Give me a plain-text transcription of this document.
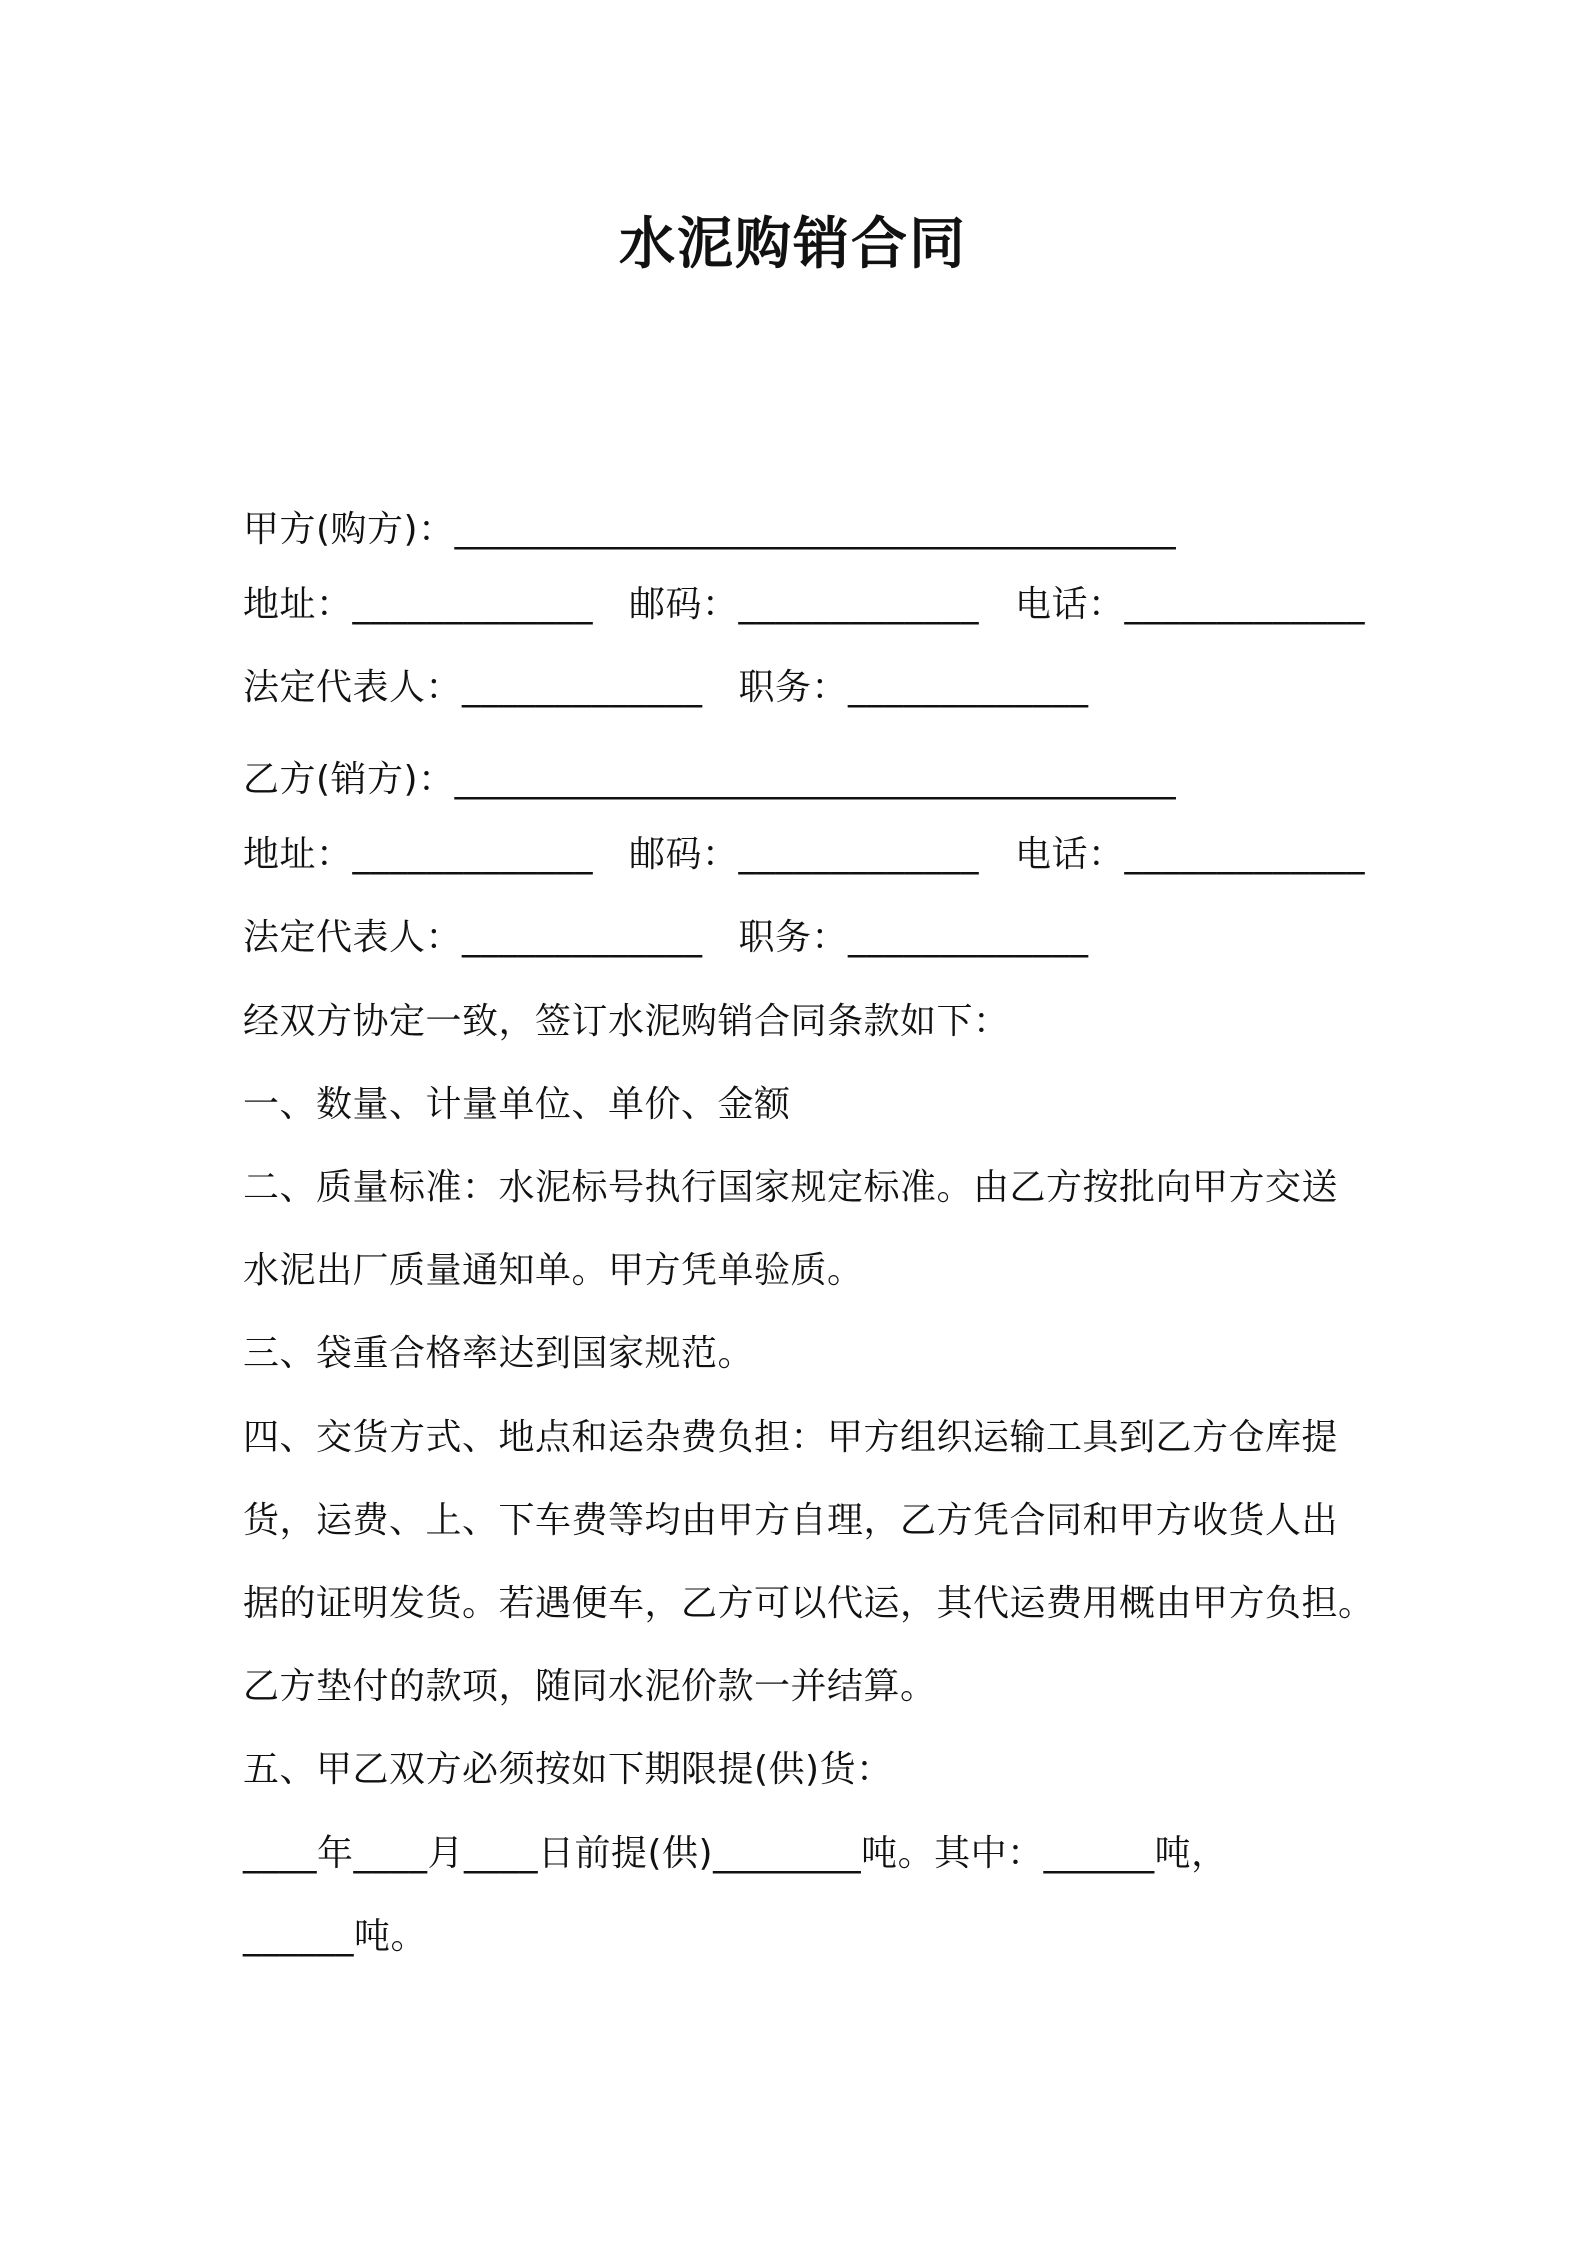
水泥购销合同
甲方(购方)：_______________________________________
地址：_____________ 邮码：_____________ 电话：_____________
法定代表人：_____________ 职务：_____________
乙方(销方)：_______________________________________
地址：_____________ 邮码：_____________ 电话：_____________
法定代表人：_____________ 职务：_____________
经双方协定一致，签订水泥购销合同条款如下：
一、数量、计量单位、单价、金额
二、质量标准：水泥标号执行国家规定标准。由乙方按批向甲方交送
水泥出厂质量通知单。甲方凭单验质。
三、袋重合格率达到国家规范。
四、交货方式、地点和运杂费负担：甲方组织运输工具到乙方仓库提
货，运费、上、下车费等均由甲方自理，乙方凭合同和甲方收货人出
据的证明发货。若遇便车，乙方可以代运，其代运费用概由甲方负担。
乙方垫付的款项，随同水泥价款一并结算。
五、甲乙双方必须按如下期限提(供)货：
____年____月____日前提(供)________吨。其中：______吨，
______吨。
